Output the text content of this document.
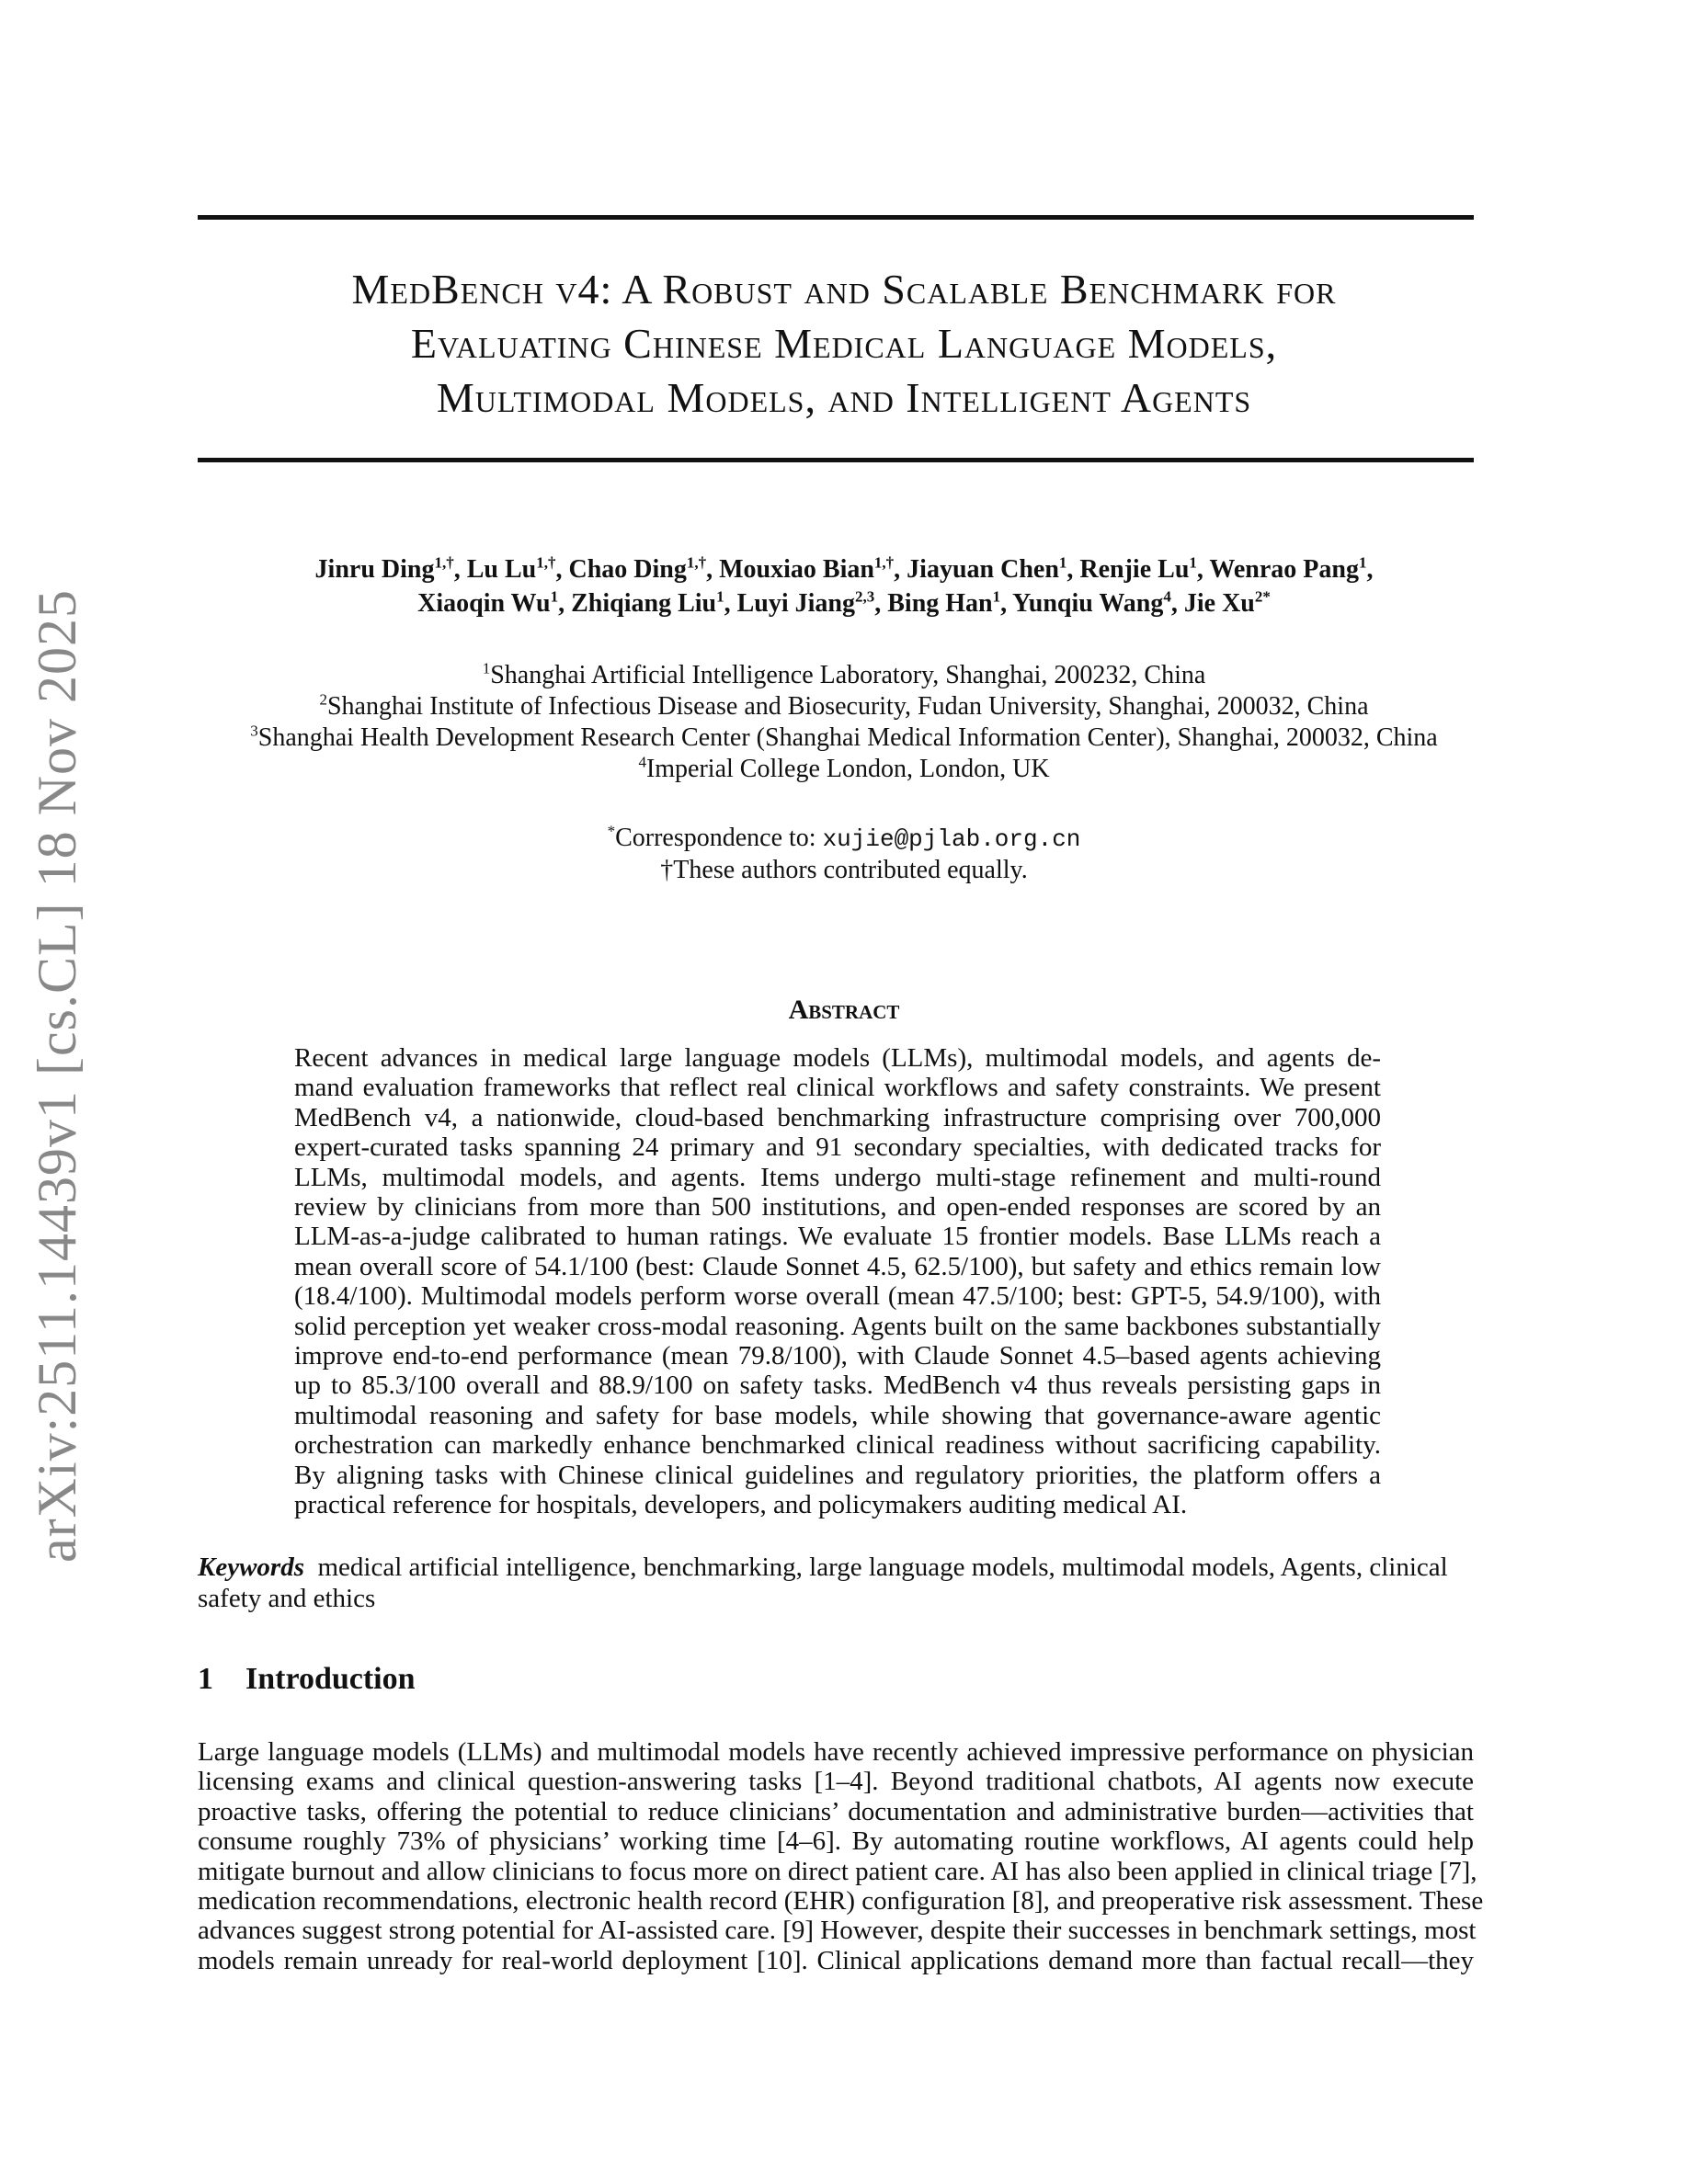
arXiv:2511.14439v1 [cs.CL] 18 Nov 2025
MedBench v4: A Robust and Scalable Benchmark for
Evaluating Chinese Medical Language Models,
Multimodal Models, and Intelligent Agents
Jinru Ding$^{1,\dagger}$, Lu $Lu^{1,\dagger}$, Chao Ding$^{1,\dagger}$, Mouxiao Bian$^{1,\dagger}$, Jiayuan Chen$^1$, Renjie Lu$^1$, Wenrao Pang$^1$,
Xiaoqin Wu$^1$, Zhiqiang Liu$^1$, Luyi Jiang$^{2,3}$, Bing Han$^1$, Yunqiu Wang$^4$, Jie $Xu^{2*}$
$^1$Shanghai Artificial Intelligence Laboratory, Shanghai, 200232, China
$^2$Shanghai Institute of Infectious Disease and Biosecurity, Fudan University, Shanghai, 200032, China
$^3$Shanghai Health Development Research Center (Shanghai Medical Information Center), Shanghai, 200032, China
$^4$Imperial College London, London, UK
*Correspondence to: xujie@pjlab.org.cn
†These authors contributed equally.
Abstract
Recent advances in medical large language models (LLMs), multimodal models, and agents de-
mand evaluation frameworks that reflect real clinical workflows and safety constraints. We present
MedBench v4, a nationwide, cloud-based benchmarking infrastructure comprising over 700,000
expert-curated tasks spanning 24 primary and 91 secondary specialties, with dedicated tracks for
LLMs, multimodal models, and agents. Items undergo multi-stage refinement and multi-round
review by clinicians from more than 500 institutions, and open-ended responses are scored by an
LLM-as-a-judge calibrated to human ratings. We evaluate 15 frontier models. Base LLMs reach a
mean overall score of 54.1/100 (best: Claude Sonnet 4.5, 62.5/100), but safety and ethics remain low
(18.4/100). Multimodal models perform worse overall (mean 47.5/100; best: GPT-5, 54.9/100), with
solid perception yet weaker cross-modal reasoning. Agents built on the same backbones substantially
improve end-to-end performance (mean 79.8/100), with Claude Sonnet 4.5–based agents achieving
up to 85.3/100 overall and 88.9/100 on safety tasks. MedBench v4 thus reveals persisting gaps in
multimodal reasoning and safety for base models, while showing that governance-aware agentic
orchestration can markedly enhance benchmarked clinical readiness without sacrificing capability.
By aligning tasks with Chinese clinical guidelines and regulatory priorities, the platform offers a
practical reference for hospitals, developers, and policymakers auditing medical AI.
Keywords medical artificial intelligence, benchmarking, large language models, multimodal models, Agents, clinical safety and ethics
1 Introduction
Large language models (LLMs) and multimodal models have recently achieved impressive performance on physician
licensing exams and clinical question-answering tasks [1–4]. Beyond traditional chatbots, AI agents now execute
proactive tasks, offering the potential to reduce clinicians’ documentation and administrative burden—activities that
consume roughly 73% of physicians’ working time [4–6]. By automating routine workflows, AI agents could help
mitigate burnout and allow clinicians to focus more on direct patient care. AI has also been applied in clinical triage [7],
medication recommendations, electronic health record (EHR) configuration [8], and preoperative risk assessment. These
advances suggest strong potential for AI-assisted care. [9] However, despite their successes in benchmark settings, most
models remain unready for real-world deployment [10]. Clinical applications demand more than factual recall—they
